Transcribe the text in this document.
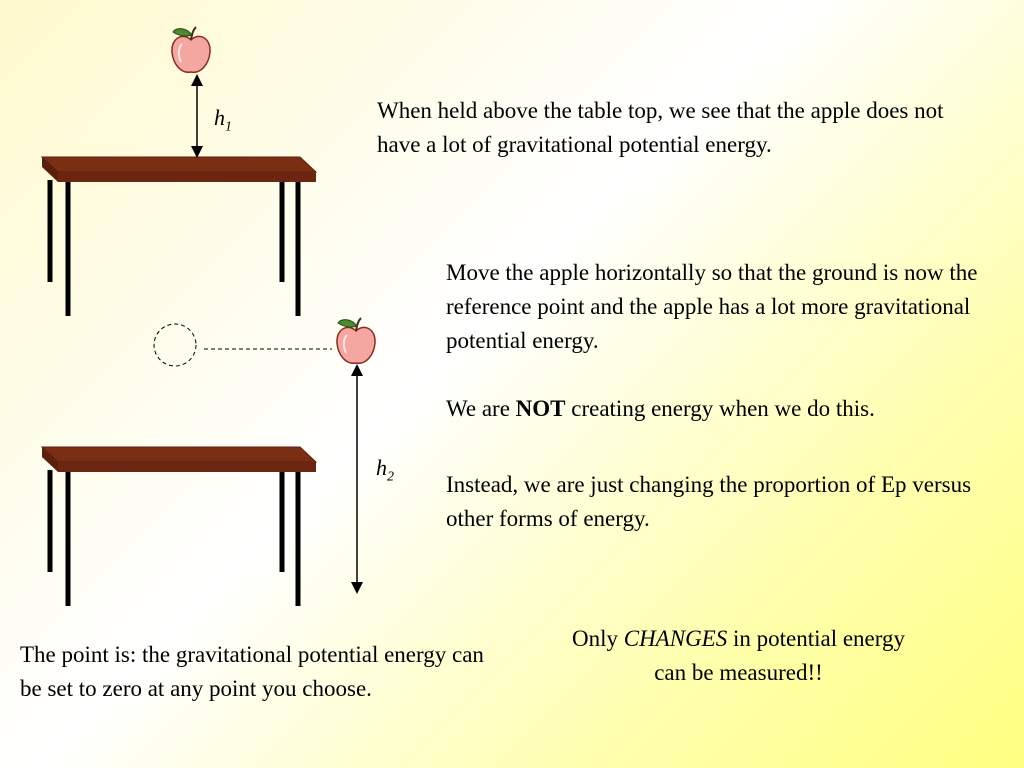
$h_1$
$h_2$
When held above the table top, we see that the apple does not have a lot of gravitational potential energy.
Move the apple horizontally so that the ground is now the reference point and the apple has a lot more gravitational potential energy.
We are NOT creating energy when we do this.
Instead, we are just changing the proportion of Ep versus other forms of energy.
Only CHANGES in potential energy can be measured!!
The point is: the gravitational potential energy can be set to zero at any point you choose.
